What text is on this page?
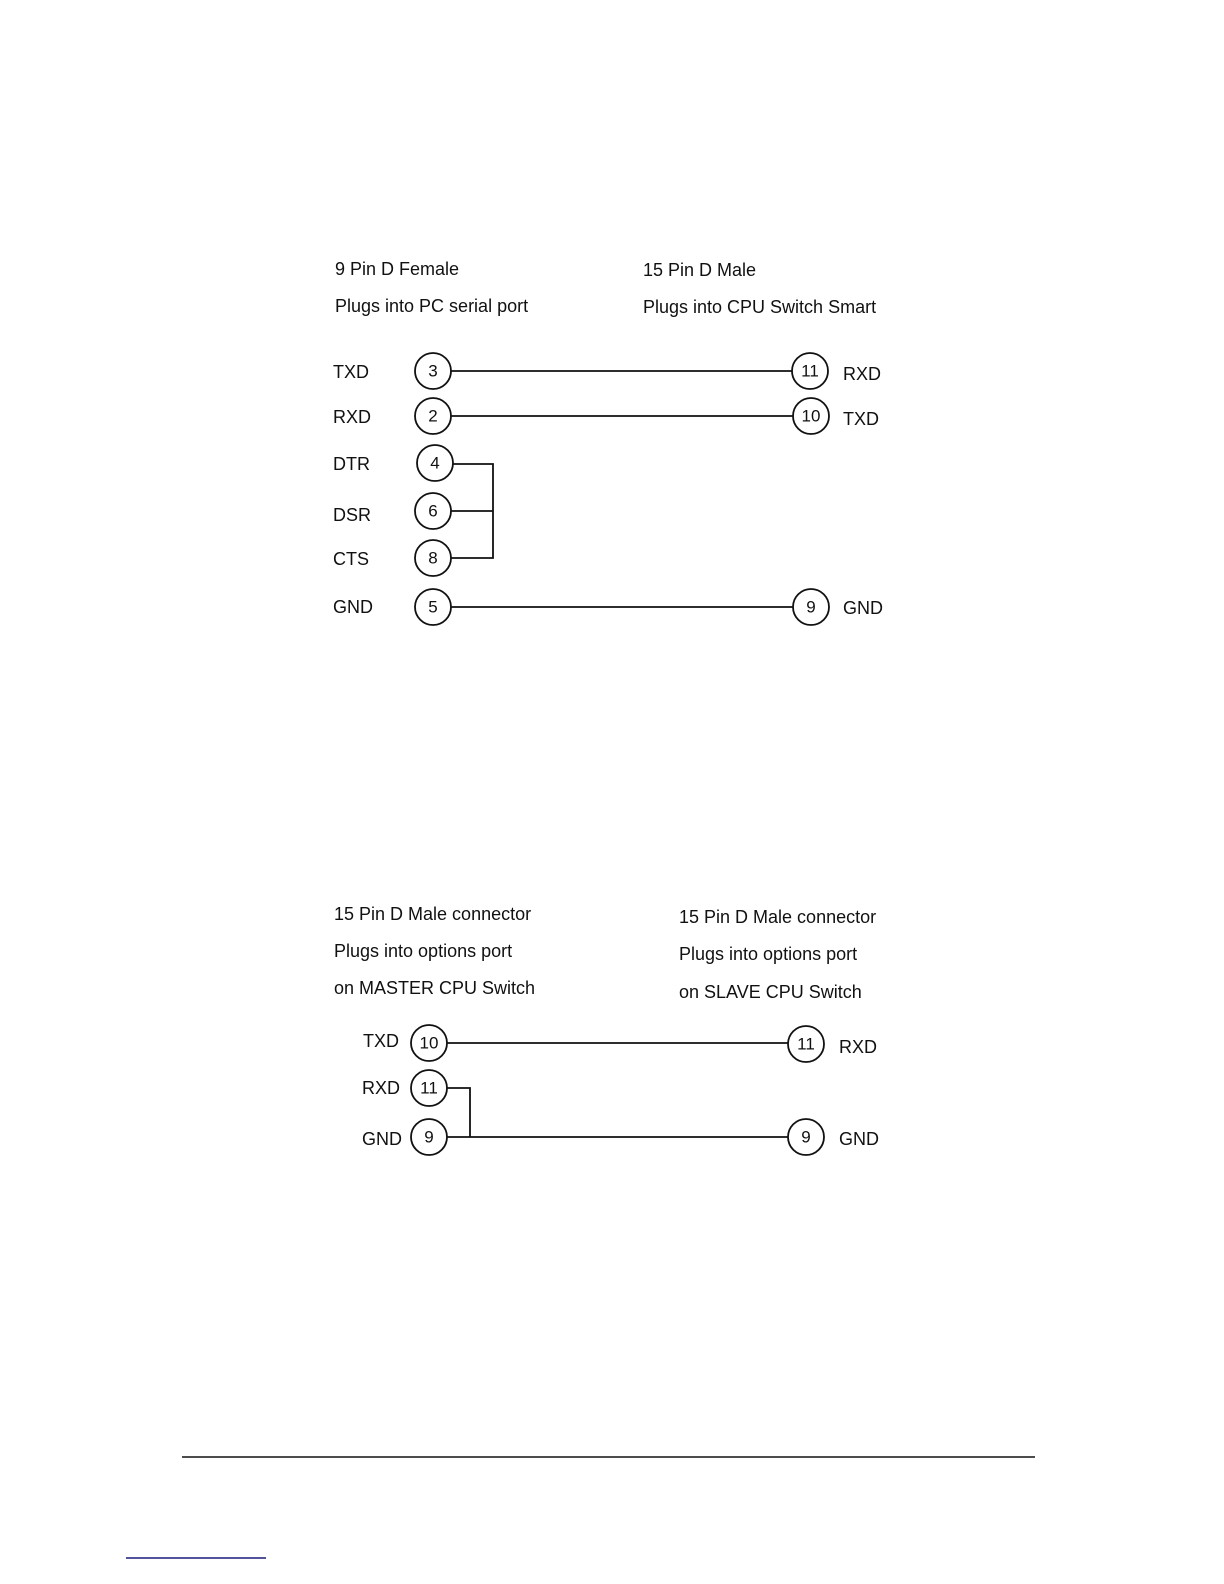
9 Pin D Female
Plugs into PC serial port
15 Pin D Male
Plugs into CPU Switch Smart
TXD	3
RXD	2
DTR	4
DSR	6
CTS	8
GND	5
11 RXD
10 TXD
9 GND
15 Pin D Male connector
Plugs into options port
on MASTER CPU Switch
15 Pin D Male connector
Plugs into options port
on SLAVE CPU Switch
TXD 10
RXD 11
GND 9
11 RXD
9 GND
